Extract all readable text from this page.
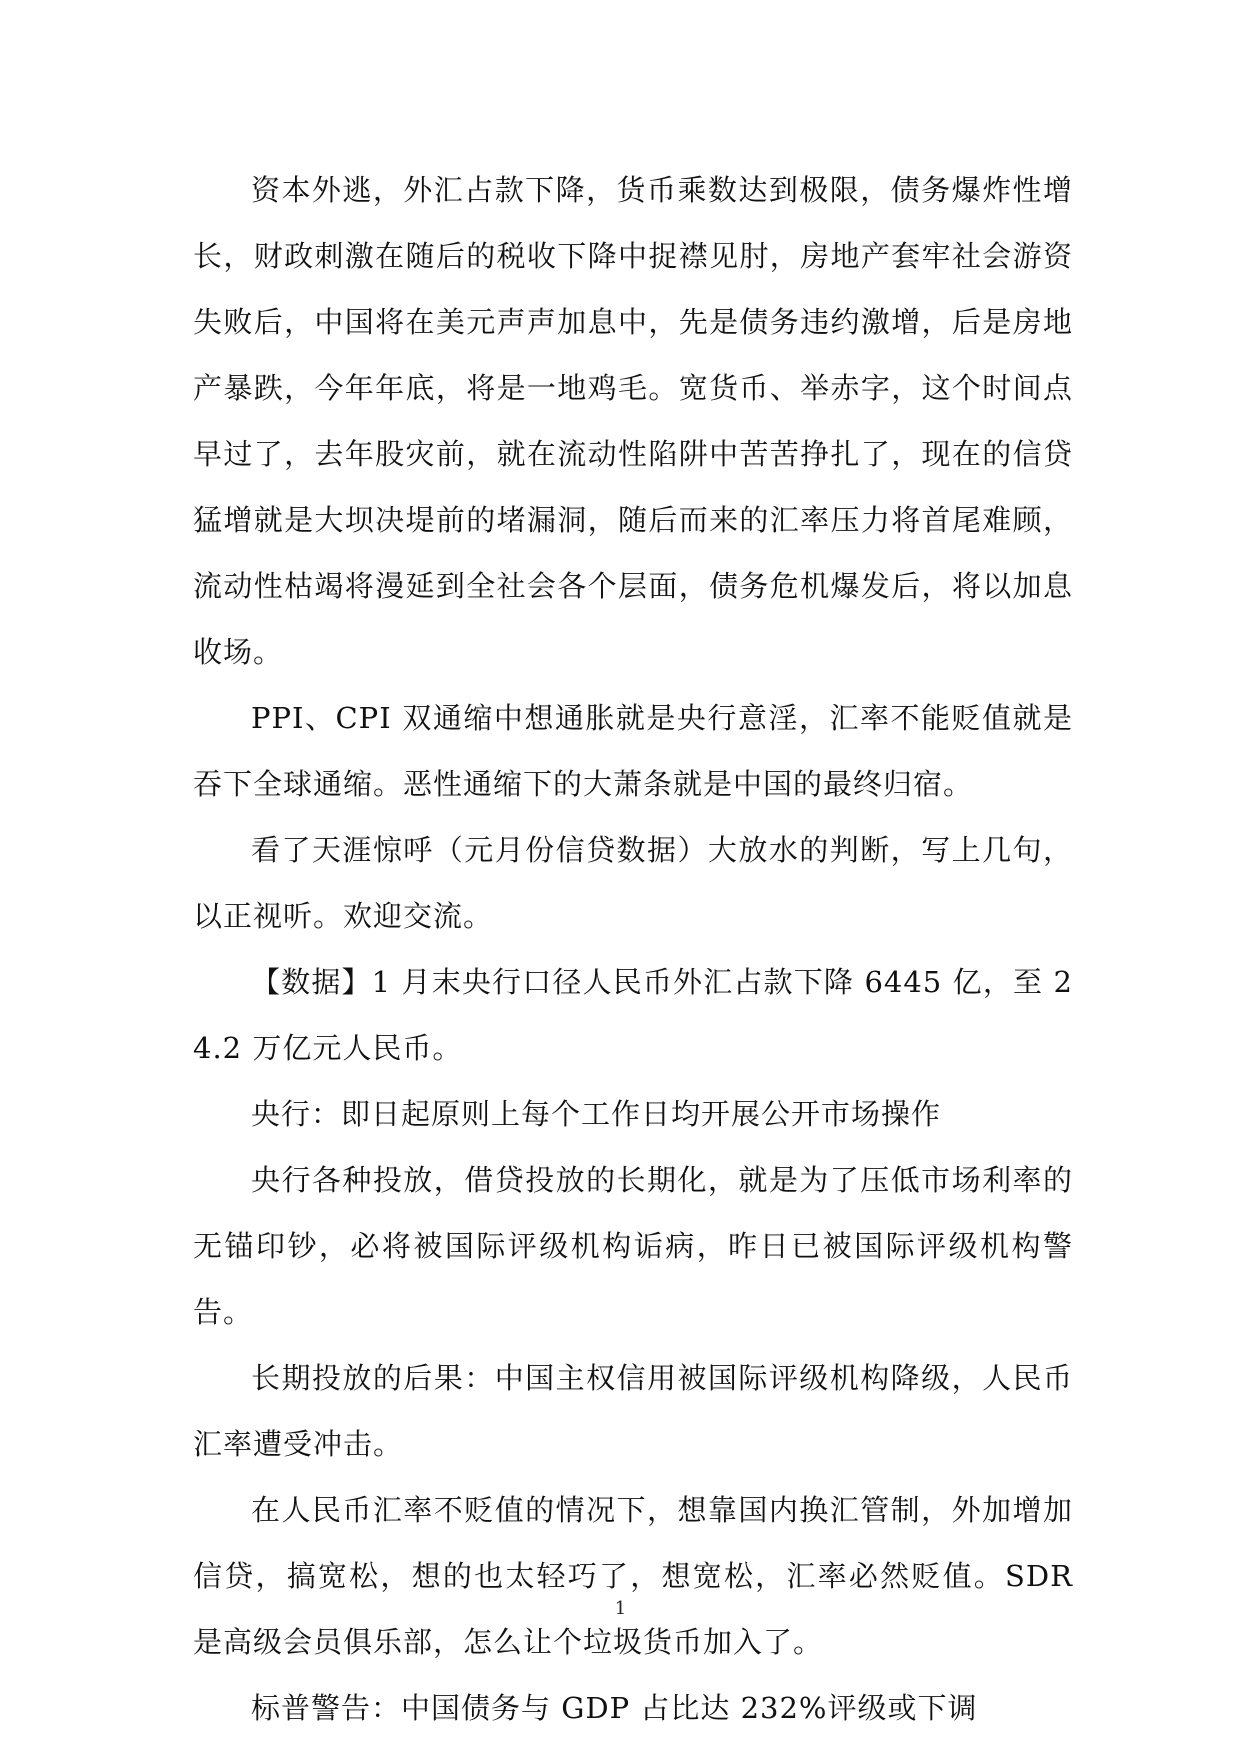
资本外逃，外汇占款下降，货币乘数达到极限，债务爆炸性增长，财政刺激在随后的税收下降中捉襟见肘，房地产套牢社会游资失败后，中国将在美元声声加息中，先是债务违约激增，后是房地产暴跌，今年年底，将是一地鸡毛。宽货币、举赤字，这个时间点早过了，去年股灾前，就在流动性陷阱中苦苦挣扎了，现在的信贷猛增就是大坝决堤前的堵漏洞，随后而来的汇率压力将首尾难顾，流动性枯竭将漫延到全社会各个层面，债务危机爆发后，将以加息收场。

PPI、CPI 双通缩中想通胀就是央行意淫，汇率不能贬值就是吞下全球通缩。恶性通缩下的大萧条就是中国的最终归宿。

看了天涯惊呼（元月份信贷数据）大放水的判断，写上几句，以正视听。欢迎交流。

【数据】1 月末央行口径人民币外汇占款下降 6445 亿，至 24.2 万亿元人民币。

央行：即日起原则上每个工作日均开展公开市场操作

央行各种投放，借贷投放的长期化，就是为了压低市场利率的无锚印钞，必将被国际评级机构诟病，昨日已被国际评级机构警告。

长期投放的后果：中国主权信用被国际评级机构降级，人民币汇率遭受冲击。

在人民币汇率不贬值的情况下，想靠国内换汇管制，外加增加信贷，搞宽松，想的也太轻巧了，想宽松，汇率必然贬值。SDR 是高级会员俱乐部，怎么让个垃圾货币加入了。

标普警告：中国债务与 GDP 占比达 232%评级或下调

1
